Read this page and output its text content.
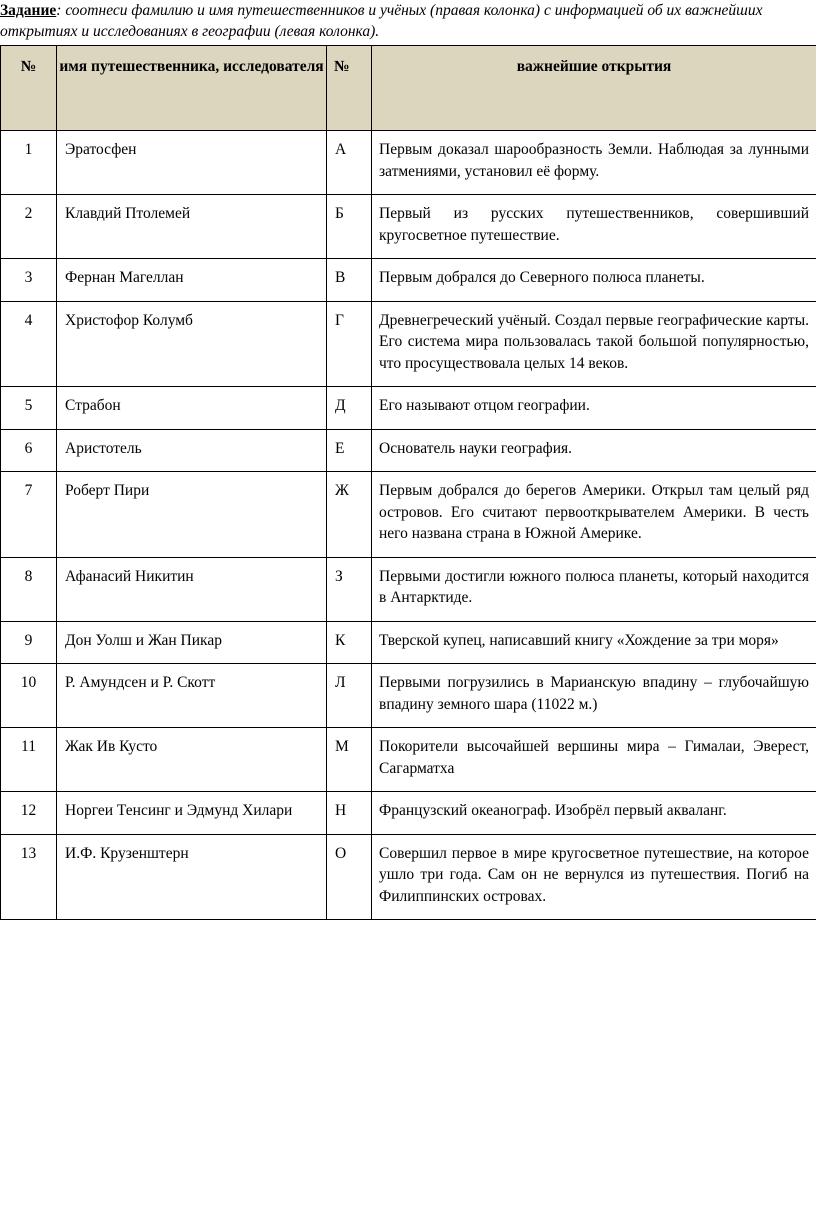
Задание: соотнеси фамилию и имя путешественников и учёных (правая колонка) с информацией об их важнейших открытиях и исследованиях в географии (левая колонка).

№	имя путешественника, исследователя	№	важнейшие открытия
1	Эратосфен	А	Первым доказал шарообразность Земли. Наблюдая за лунными затмениями, установил её форму.
2	Клавдий Птолемей	Б	Первый из русских путешественников, совершивший кругосветное путешествие.
3	Фернан Магеллан	В	Первым добрался до Северного полюса планеты.
4	Христофор Колумб	Г	Древнегреческий учёный. Создал первые географические карты. Его система мира пользовалась такой большой популярностью, что просуществовала целых 14 веков.
5	Страбон	Д	Его называют отцом географии.
6	Аристотель	Е	Основатель науки география.
7	Роберт Пири	Ж	Первым добрался до берегов Америки. Открыл там целый ряд островов. Его считают первооткрывателем Америки. В честь него названа страна в Южной Америке.
8	Афанасий Никитин	З	Первыми достигли южного полюса планеты, который находится в Антарктиде.
9	Дон Уолш и Жан Пикар	К	Тверской купец, написавший книгу «Хождение за три моря»
10	Р. Амундсен и Р. Скотт	Л	Первыми погрузились в Марианскую впадину – глубочайшую впадину земного шара (11022 м.)
11	Жак Ив Кусто	М	Покорители высочайшей вершины мира – Гималаи, Эверест, Сагарматха
12	Норгеи Тенсинг и Эдмунд Хилари	Н	Французский океанограф. Изобрёл первый акваланг.
13	И.Ф. Крузенштерн	О	Совершил первое в мире кругосветное путешествие, на которое ушло три года. Сам он не вернулся из путешествия. Погиб на Филиппинских островах.
